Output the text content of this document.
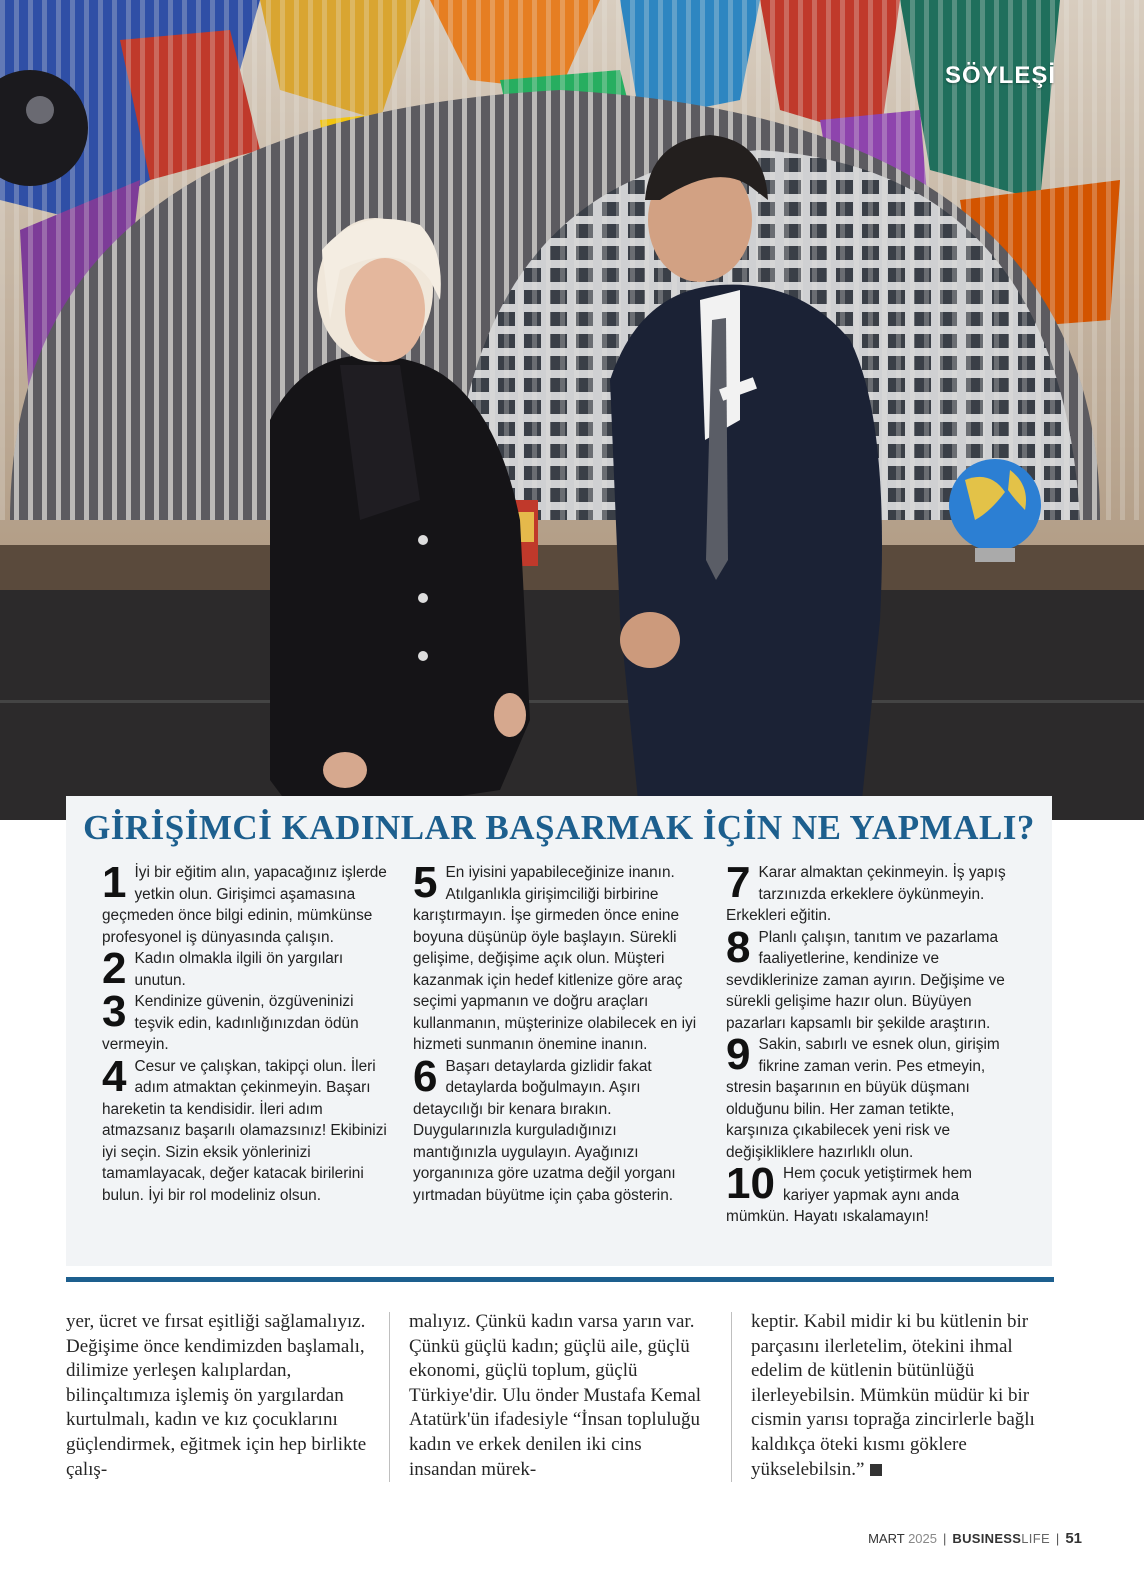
SÖYLEŞİ
GİRİŞİMCİ KADINLAR BAŞARMAK İÇİN NE YAPMALI?

1 İyi bir eğitim alın, yapacağınız işlerde yetkin olun. Girişimci aşamasına geçmeden önce bilgi edinin, mümkünse profesyonel iş dünyasında çalışın.

2 Kadın olmakla ilgili ön yargıları unutun.

3 Kendinize güvenin, özgüveninizi teşvik edin, kadınlığınızdan ödün vermeyin.

4 Cesur ve çalışkan, takipçi olun. İleri adım atmaktan çekinmeyin. Başarı hareketin ta kendisidir. İleri adım atmazsanız başarılı olamazsınız! Ekibinizi iyi seçin. Sizin eksik yönlerinizi tamamlayacak, değer katacak birilerini bulun. İyi bir rol modeliniz olsun.

5 En iyisini yapabileceğinize inanın. Atılganlıkla girişimciliği birbirine karıştırmayın. İşe girmeden önce enine boyuna düşünüp öyle başlayın. Sürekli gelişime, değişime açık olun. Müşteri kazanmak için hedef kitlenize göre araç seçimi yapmanın ve doğru araçları kullanmanın, müşterinize olabilecek en iyi hizmeti sunmanın önemine inanın.

6 Başarı detaylarda gizlidir fakat detaylarda boğulmayın. Aşırı detaycılığı bir kenara bırakın. Duygularınızla kurguladığınızı mantığınızla uygulayın. Ayağınızı yorganınıza göre uzatma değil yorganı yırtmadan büyütme için çaba gösterin.

7 Karar almaktan çekinmeyin. İş yapış tarzınızda erkeklere öykünmeyin. Erkekleri eğitin.

8 Planlı çalışın, tanıtım ve pazarlama faaliyetlerine, kendinize ve sevdiklerinize zaman ayırın. Değişime ve sürekli gelişime hazır olun. Büyüyen pazarları kapsamlı bir şekilde araştırın.

9 Sakin, sabırlı ve esnek olun, girişim fikrine zaman verin. Pes etmeyin, stresin başarının en büyük düşmanı olduğunu bilin. Her zaman tetikte, karşınıza çıkabilecek yeni risk ve değişikliklere hazırlıklı olun.

10 Hem çocuk yetiştirmek hem kariyer yapmak aynı anda mümkün. Hayatı ıskalamayın!

yer, ücret ve fırsat eşitliği sağlamalıyız. Değişime önce kendimizden başlamalı, dilimize yerleşen kalıplardan, bilinçaltımıza işlemiş ön yargılardan kurtulmalı, kadın ve kız çocuklarını güçlendirmek, eğitmek için hep birlikte çalış-
malıyız. Çünkü kadın varsa yarın var. Çünkü güçlü kadın; güçlü aile, güçlü ekonomi, güçlü toplum, güçlü Türkiye'dir. Ulu önder Mustafa Kemal Atatürk'ün ifadesiyle “İnsan topluluğu kadın ve erkek denilen iki cins insandan mürek-
keptir. Kabil midir ki bu kütlenin bir parçasını ilerletelim, ötekini ihmal edelim de kütlenin bütünlüğü ilerleyebilsin. Mümkün müdür ki bir cismin yarısı toprağa zincirlerle bağlı kaldıkça öteki kısmı göklere yükselebilsin.”
MART 2025 | BUSINESSLIFE | 51
